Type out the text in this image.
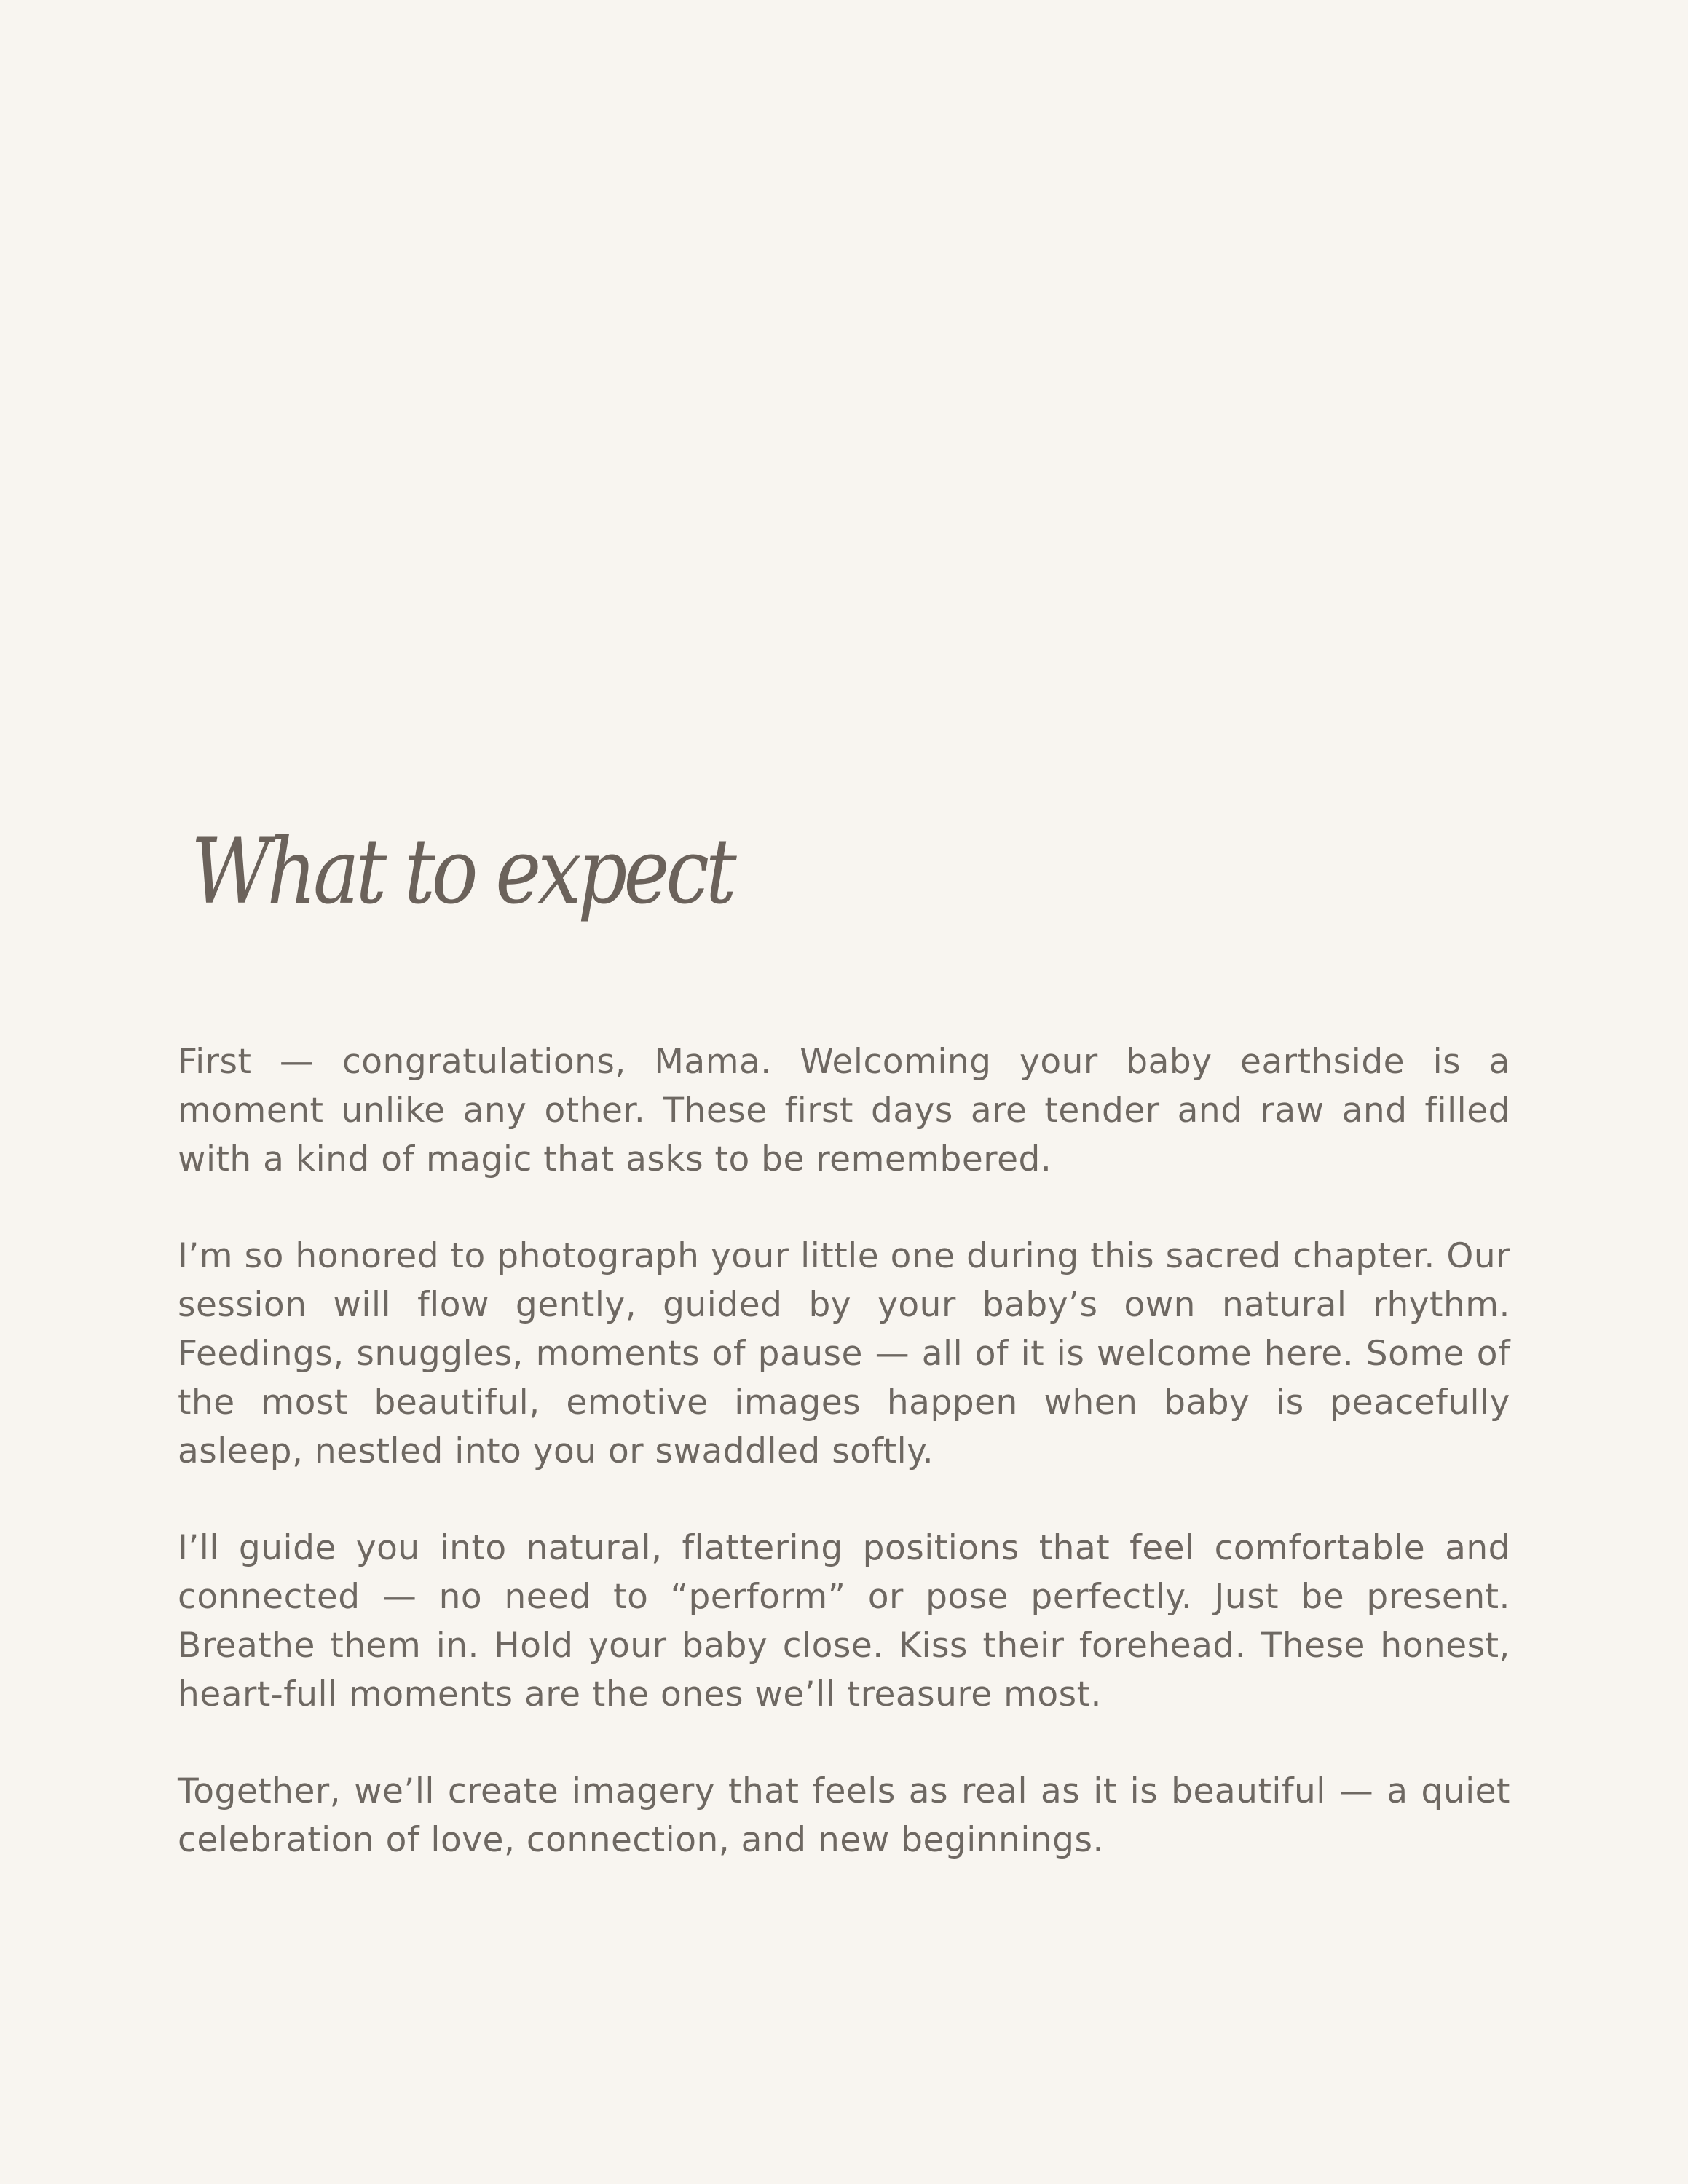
What to expect

First — congratulations, Mama. Welcoming your baby earthside is a moment unlike any other. These first days are tender and raw and filled with a kind of magic that asks to be remembered.

I’m so honored to photograph your little one during this sacred chapter. Our session will flow gently, guided by your baby’s own natural rhythm. Feedings, snuggles, moments of pause — all of it is welcome here. Some of the most beautiful, emotive images happen when baby is peacefully asleep, nestled into you or swaddled softly.

I’ll guide you into natural, flattering positions that feel comfortable and connected — no need to “perform” or pose perfectly. Just be present. Breathe them in. Hold your baby close. Kiss their forehead. These honest, heart-full moments are the ones we’ll treasure most.

Together, we’ll create imagery that feels as real as it is beautiful — a quiet celebration of love, connection, and new beginnings.
